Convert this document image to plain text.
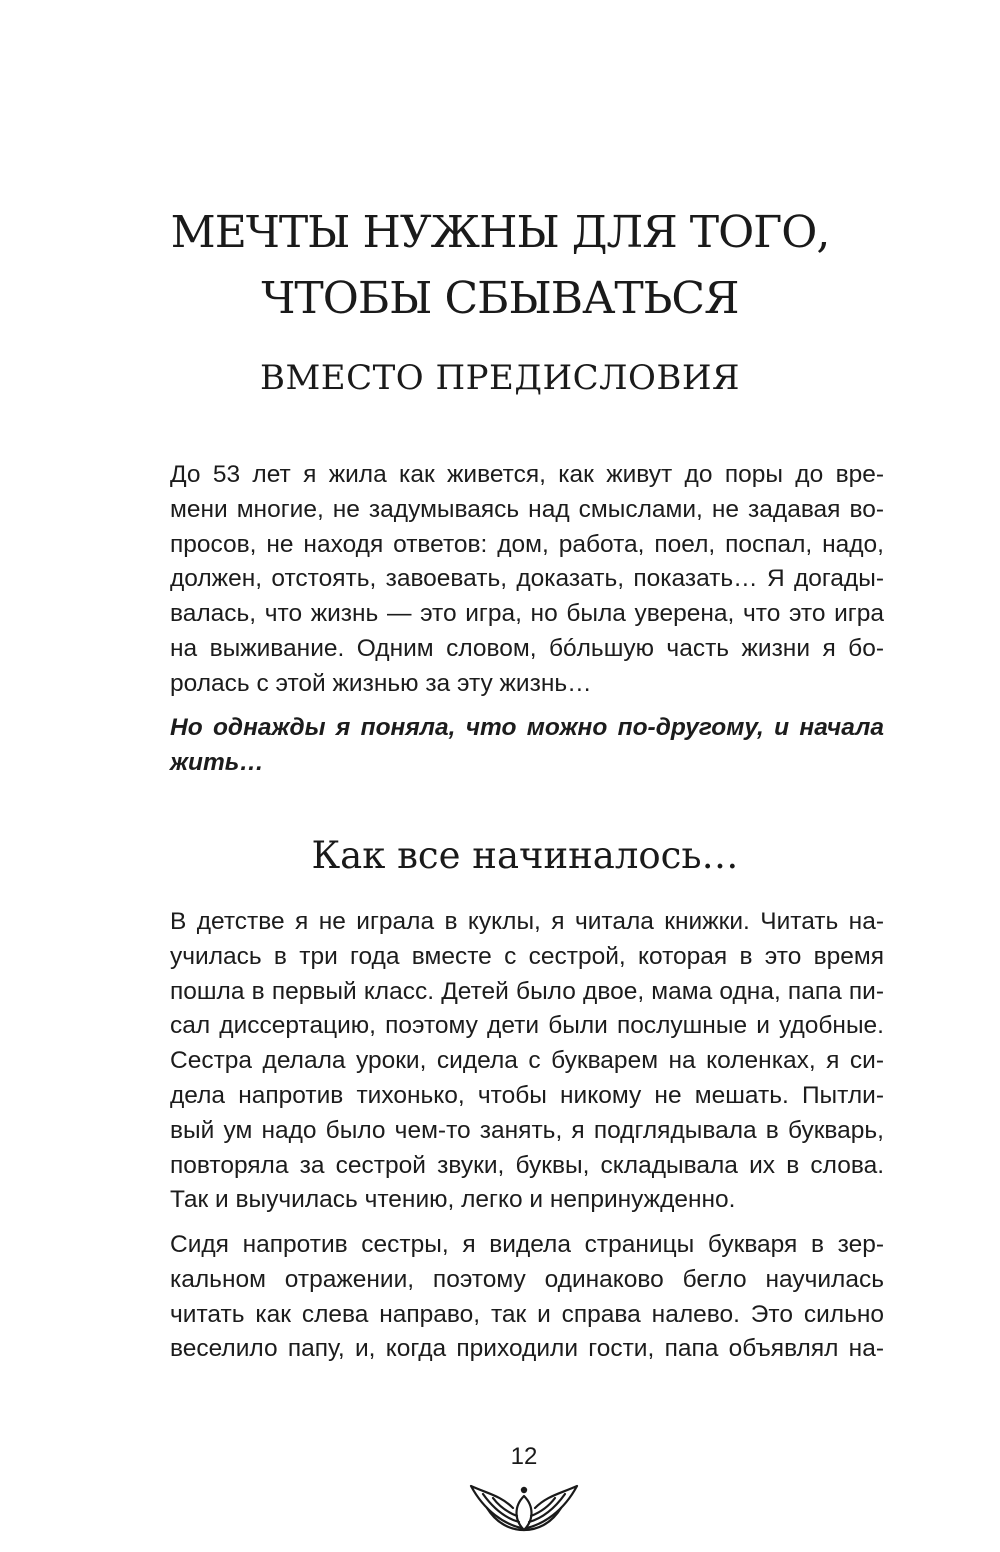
МЕЧТЫ НУЖНЫ ДЛЯ ТОГО,
ЧТОБЫ СБЫВАТЬСЯ
ВМЕСТО ПРЕДИСЛОВИЯ

До 53 лет я жила как живется, как живут до поры до вре-
мени многие, не задумываясь над смыслами, не задавая во-
просов, не находя ответов: дом, работа, поел, поспал, надо,
должен, отстоять, завоевать, доказать, показать… Я догады-
валась, что жизнь — это игра, но была уверена, что это игра
на выживание. Одним словом, бóльшую часть жизни я бо-
ролась с этой жизнью за эту жизнь…

Но однажды я поняла, что можно по-другому, и начала
жить…

Как все начиналось…

В детстве я не играла в куклы, я читала книжки. Читать на-
училась в три года вместе с сестрой, которая в это время
пошла в первый класс. Детей было двое, мама одна, папа пи-
сал диссертацию, поэтому дети были послушные и удобные.
Сестра делала уроки, сидела с букварем на коленках, я си-
дела напротив тихонько, чтобы никому не мешать. Пытли-
вый ум надо было чем-то занять, я подглядывала в букварь,
повторяла за сестрой звуки, буквы, складывала их в слова.
Так и выучилась чтению, легко и непринужденно.

Сидя напротив сестры, я видела страницы букваря в зер-
кальном отражении, поэтому одинаково бегло научилась
читать как слева направо, так и справа налево. Это сильно
веселило папу, и, когда приходили гости, папа объявлял на-

12
